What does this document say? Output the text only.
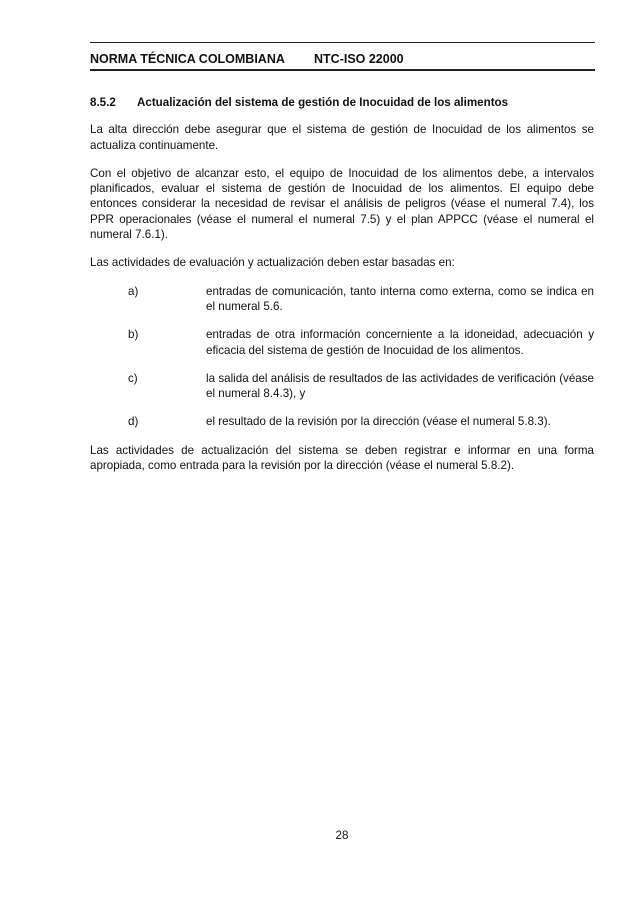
NORMA TÉCNICA COLOMBIANA NTC-ISO 22000
8.5.2 Actualización del sistema de gestión de Inocuidad de los alimentos

La alta dirección debe asegurar que el sistema de gestión de Inocuidad de los alimentos se actualiza continuamente.

Con el objetivo de alcanzar esto, el equipo de Inocuidad de los alimentos debe, a intervalos planificados, evaluar el sistema de gestión de Inocuidad de los alimentos. El equipo debe entonces considerar la necesidad de revisar el análisis de peligros (véase el numeral 7.4), los PPR operacionales (véase el numeral el numeral 7.5) y el plan APPCC (véase el numeral el numeral 7.6.1).

Las actividades de evaluación y actualización deben estar basadas en:

a)	entradas de comunicación, tanto interna como externa, como se indica en el numeral 5.6.
b)	entradas de otra información concerniente a la idoneidad, adecuación y eficacia del sistema de gestión de Inocuidad de los alimentos.
c)	la salida del análisis de resultados de las actividades de verificación (véase el numeral 8.4.3), y
d)	el resultado de la revisión por la dirección (véase el numeral 5.8.3).

Las actividades de actualización del sistema se deben registrar e informar en una forma apropiada, como entrada para la revisión por la dirección (véase el numeral 5.8.2).

28
